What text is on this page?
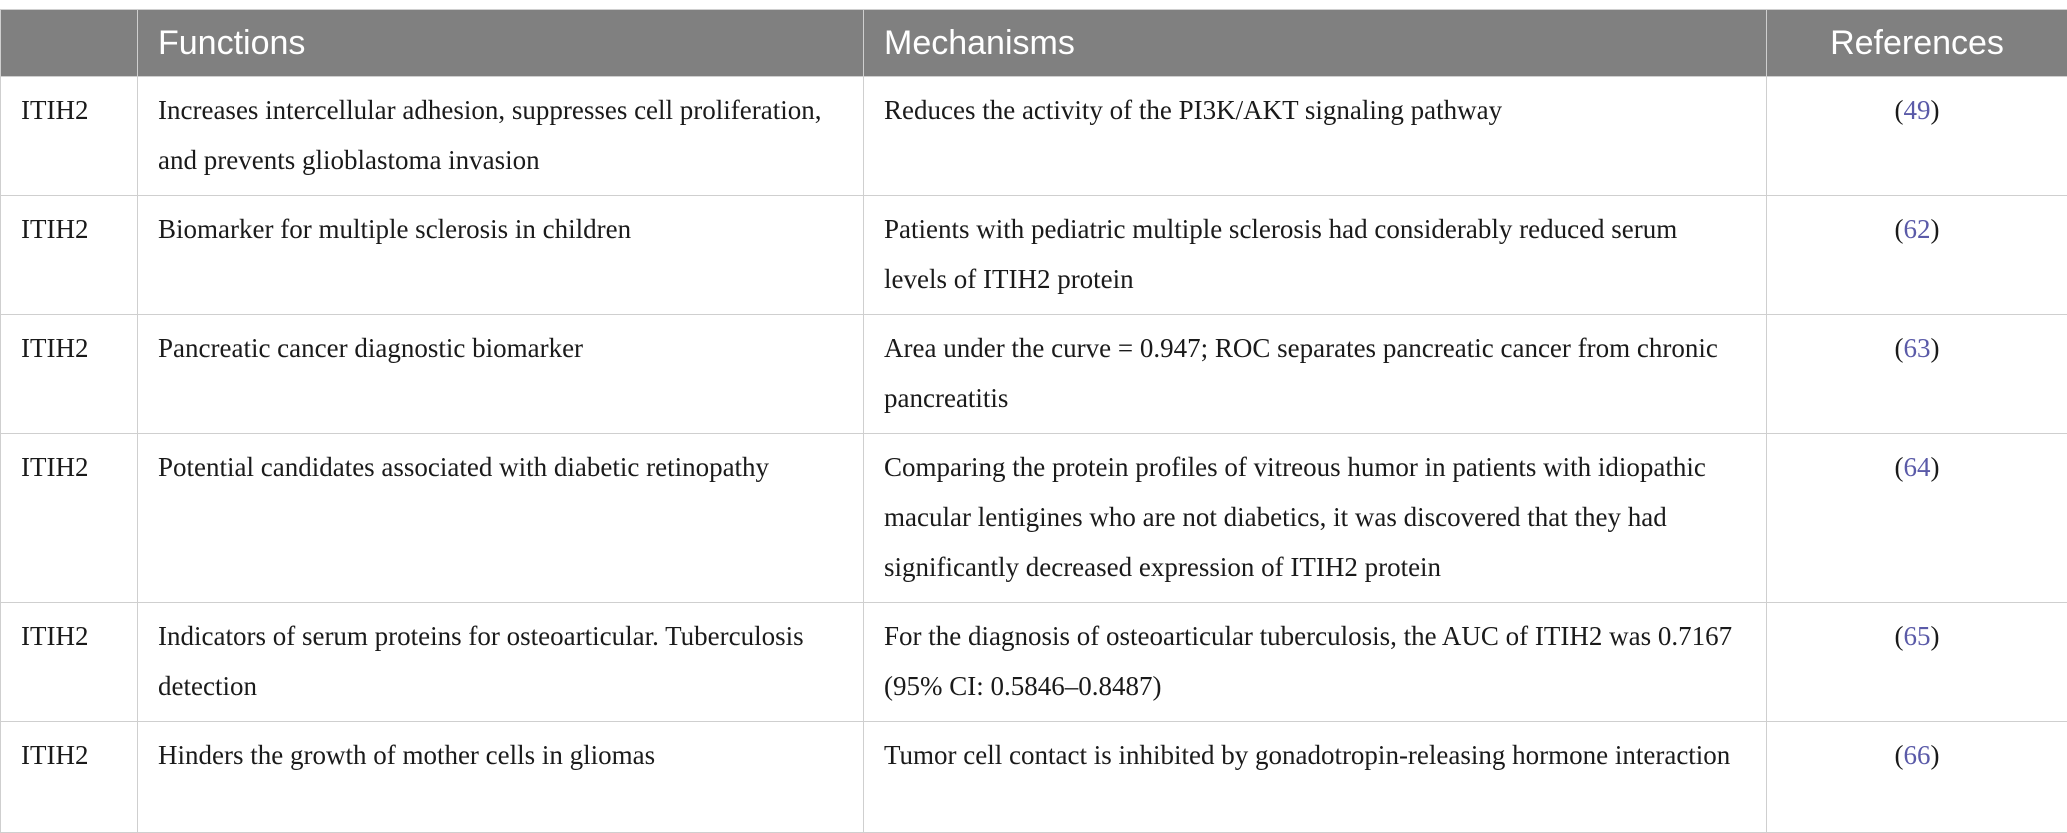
	Functions	Mechanisms	References
ITIH2	Increases intercellular adhesion, suppresses cell proliferation, and prevents glioblastoma invasion	Reduces the activity of the PI3K/AKT signaling pathway	(49)
ITIH2	Biomarker for multiple sclerosis in children	Patients with pediatric multiple sclerosis had considerably reduced serum levels of ITIH2 protein	(62)
ITIH2	Pancreatic cancer diagnostic biomarker	Area under the curve = 0.947; ROC separates pancreatic cancer from chronic pancreatitis	(63)
ITIH2	Potential candidates associated with diabetic retinopathy	Comparing the protein profiles of vitreous humor in patients with idiopathic macular lentigines who are not diabetics, it was discovered that they had significantly decreased expression of ITIH2 protein	(64)
ITIH2	Indicators of serum proteins for osteoarticular. Tuberculosis detection	For the diagnosis of osteoarticular tuberculosis, the AUC of ITIH2 was 0.7167 (95% CI: 0.5846–0.8487)	(65)
ITIH2	Hinders the growth of mother cells in gliomas	Tumor cell contact is inhibited by gonadotropin-releasing hormone interaction	(66)
